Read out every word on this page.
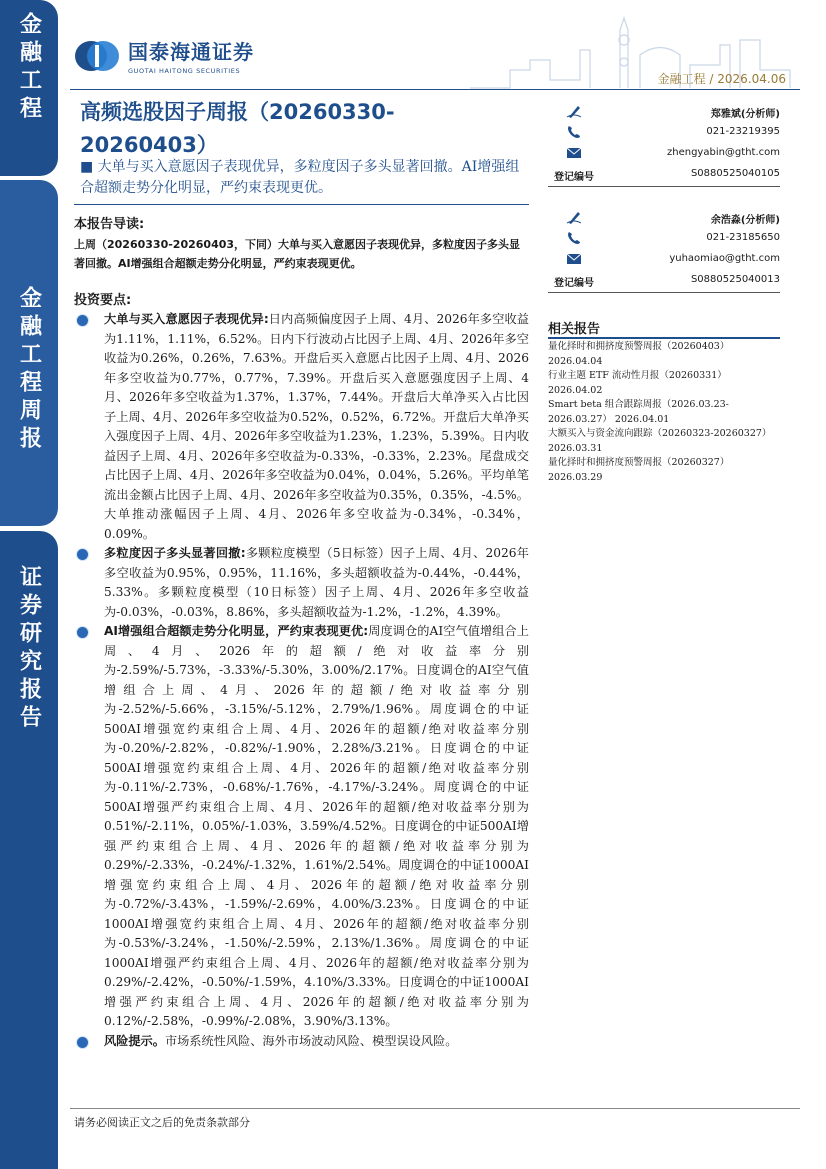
金融工程
金融工程周报
证券研究报告
国泰海通证券
GUOTAI HAITONG SECURITIES
金融工程 / 2026.04.06
高频选股因子周报（20260330-20260403）
■ 大单与买入意愿因子表现优异，多粒度因子多头显著回撤。AI增强组合超额走势分化明显，严约束表现更优。
本报告导读:
上周（20260330-20260403，下同）大单与买入意愿因子表现优异，多粒度因子多头显著回撤。AI增强组合超额走势分化明显，严约束表现更优。
投资要点:
大单与买入意愿因子表现优异:日内高频偏度因子上周、4月、2026年多空收益为1.11%，1.11%，6.52%。日内下行波动占比因子上周、4月、2026年多空收益为0.26%，0.26%，7.63%。开盘后买入意愿占比因子上周、4月、2026年多空收益为0.77%，0.77%，7.39%。开盘后买入意愿强度因子上周、4月、2026年多空收益为1.37%，1.37%，7.44%。开盘后大单净买入占比因子上周、4月、2026年多空收益为0.52%，0.52%，6.72%。开盘后大单净买入强度因子上周、4月、2026年多空收益为1.23%，1.23%，5.39%。日内收益因子上周、4月、2026年多空收益为-0.33%，-0.33%，2.23%。尾盘成交占比因子上周、4月、2026年多空收益为0.04%，0.04%，5.26%。平均单笔流出金额占比因子上周、4月、2026年多空收益为0.35%，0.35%，-4.5%。大单推动涨幅因子上周、4月、2026年多空收益为-0.34%，-0.34%，0.09%。
多粒度因子多头显著回撤:多颗粒度模型（5日标签）因子上周、4月、2026年多空收益为0.95%，0.95%，11.16%，多头超额收益为-0.44%，-0.44%，5.33%。多颗粒度模型（10日标签）因子上周、4月、2026年多空收益为-0.03%，-0.03%，8.86%，多头超额收益为-1.2%，-1.2%，4.39%。
AI增强组合超额走势分化明显，严约束表现更优:周度调仓的AI空气值增组合上周、4月、2026年的超额/绝对收益率分别为-2.59%/-5.73%，-3.33%/-5.30%，3.00%/2.17%。日度调仓的AI空气值增组合上周、4月、2026年的超额/绝对收益率分别为-2.52%/-5.66%，-3.15%/-5.12%，2.79%/1.96%。周度调仓的中证500AI增强宽约束组合上周、4月、2026年的超额/绝对收益率分别为-0.20%/-2.82%，-0.82%/-1.90%，2.28%/3.21%。日度调仓的中证500AI增强宽约束组合上周、4月、2026年的超额/绝对收益率分别为-0.11%/-2.73%，-0.68%/-1.76%，-4.17%/-3.24%。周度调仓的中证500AI增强严约束组合上周、4月、2026年的超额/绝对收益率分别为0.51%/-2.11%，0.05%/-1.03%，3.59%/4.52%。日度调仓的中证500AI增强严约束组合上周、4月、2026年的超额/绝对收益率分别为0.29%/-2.33%，-0.24%/-1.32%，1.61%/2.54%。周度调仓的中证1000AI增强宽约束组合上周、4月、2026年的超额/绝对收益率分别为-0.72%/-3.43%，-1.59%/-2.69%，4.00%/3.23%。日度调仓的中证1000AI增强宽约束组合上周、4月、2026年的超额/绝对收益率分别为-0.53%/-3.24%，-1.50%/-2.59%，2.13%/1.36%。周度调仓的中证1000AI增强严约束组合上周、4月、2026年的超额/绝对收益率分别为0.29%/-2.42%，-0.50%/-1.59%，4.10%/3.33%。日度调仓的中证1000AI增强严约束组合上周、4月、2026年的超额/绝对收益率分别为0.12%/-2.58%，-0.99%/-2.08%，3.90%/3.13%。
风险提示。市场系统性风险、海外市场波动风险、模型误设风险。
郑雅斌(分析师)
021-23219395
zhengyabin@gtht.com
登记编号	S0880525040105
余浩淼(分析师)
021-23185650
yuhaomiao@gtht.com
登记编号	S0880525040013
相关报告
量化择时和拥挤度预警周报（20260403）
2026.04.04
行业主题 ETF 流动性月报（20260331）
2026.04.02
Smart beta 组合跟踪周报（2026.03.23-
2026.03.27） 2026.04.01
大额买入与资金流向跟踪（20260323-20260327）
2026.03.31
量化择时和拥挤度预警周报（20260327）
2026.03.29
请务必阅读正文之后的免责条款部分
